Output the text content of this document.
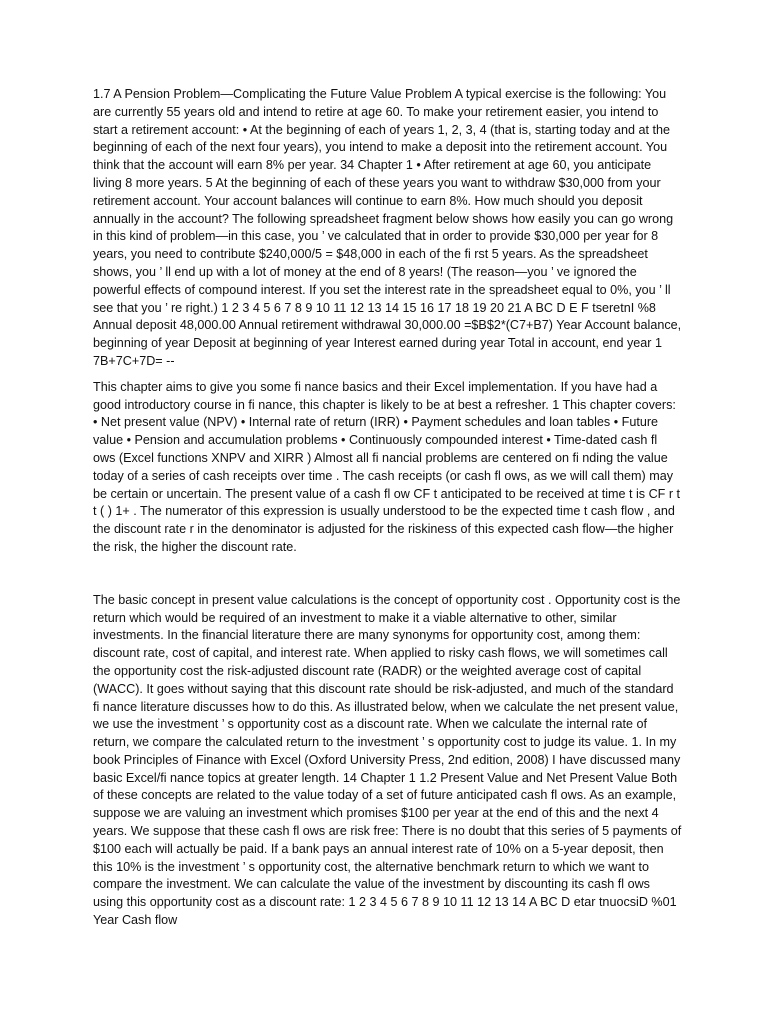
1.7 A Pension Problem—Complicating the Future Value Problem A typical exercise is the following: You are currently 55 years old and intend to retire at age 60. To make your retirement easier, you intend to start a retirement account: • At the beginning of each of years 1, 2, 3, 4 (that is, starting today and at the beginning of each of the next four years), you intend to make a deposit into the retirement account. You think that the account will earn 8% per year. 34 Chapter 1 • After retirement at age 60, you anticipate living 8 more years. 5 At the beginning of each of these years you want to withdraw $30,000 from your retirement account. Your account balances will continue to earn 8%. How much should you deposit annually in the account? The following spreadsheet fragment below shows how easily you can go wrong in this kind of problem—in this case, you ’ ve calculated that in order to provide $30,000 per year for 8 years, you need to contribute $240,000/5 = $48,000 in each of the fi rst 5 years. As the spreadsheet shows, you ’ ll end up with a lot of money at the end of 8 years! (The reason—you ’ ve ignored the powerful effects of compound interest. If you set the interest rate in the spreadsheet equal to 0%, you ’ ll see that you ’ re right.) 1 2 3 4 5 6 7 8 9 10 11 12 13 14 15 16 17 18 19 20 21 A BC D E F tseretnI %8 Annual deposit 48,000.00 Annual retirement withdrawal 30,000.00 =$B$2*(C7+B7) Year Account balance, beginning of year Deposit at beginning of year Interest earned during year Total in account, end year 1 7B+7C+7D= --

This chapter aims to give you some fi nance basics and their Excel implementation. If you have had a good introductory course in fi nance, this chapter is likely to be at best a refresher. 1 This chapter covers: • Net present value (NPV) • Internal rate of return (IRR) • Payment schedules and loan tables • Future value • Pension and accumulation problems • Continuously compounded interest • Time-dated cash fl ows (Excel functions XNPV and XIRR ) Almost all fi nancial problems are centered on fi nding the value today of a series of cash receipts over time . The cash receipts (or cash fl ows, as we will call them) may be certain or uncertain. The present value of a cash fl ow CF t anticipated to be received at time t is CF r t t ( ) 1+ . The numerator of this expression is usually understood to be the expected time t cash flow , and the discount rate r in the denominator is adjusted for the riskiness of this expected cash flow—the higher the risk, the higher the discount rate.

The basic concept in present value calculations is the concept of opportunity cost . Opportunity cost is the return which would be required of an investment to make it a viable alternative to other, similar investments. In the financial literature there are many synonyms for opportunity cost, among them: discount rate, cost of capital, and interest rate. When applied to risky cash flows, we will sometimes call the opportunity cost the risk-adjusted discount rate (RADR) or the weighted average cost of capital (WACC). It goes without saying that this discount rate should be risk-adjusted, and much of the standard fi nance literature discusses how to do this. As illustrated below, when we calculate the net present value, we use the investment ’ s opportunity cost as a discount rate. When we calculate the internal rate of return, we compare the calculated return to the investment ’ s opportunity cost to judge its value. 1. In my book Principles of Finance with Excel (Oxford University Press, 2nd edition, 2008) I have discussed many basic Excel/fi nance topics at greater length. 14 Chapter 1 1.2 Present Value and Net Present Value Both of these concepts are related to the value today of a set of future anticipated cash fl ows. As an example, suppose we are valuing an investment which promises $100 per year at the end of this and the next 4 years. We suppose that these cash fl ows are risk free: There is no doubt that this series of 5 payments of $100 each will actually be paid. If a bank pays an annual interest rate of 10% on a 5-year deposit, then this 10% is the investment ’ s opportunity cost, the alternative benchmark return to which we want to compare the investment. We can calculate the value of the investment by discounting its cash fl ows using this opportunity cost as a discount rate: 1 2 3 4 5 6 7 8 9 10 11 12 13 14 A BC D etar tnuocsiD %01 Year Cash flow
